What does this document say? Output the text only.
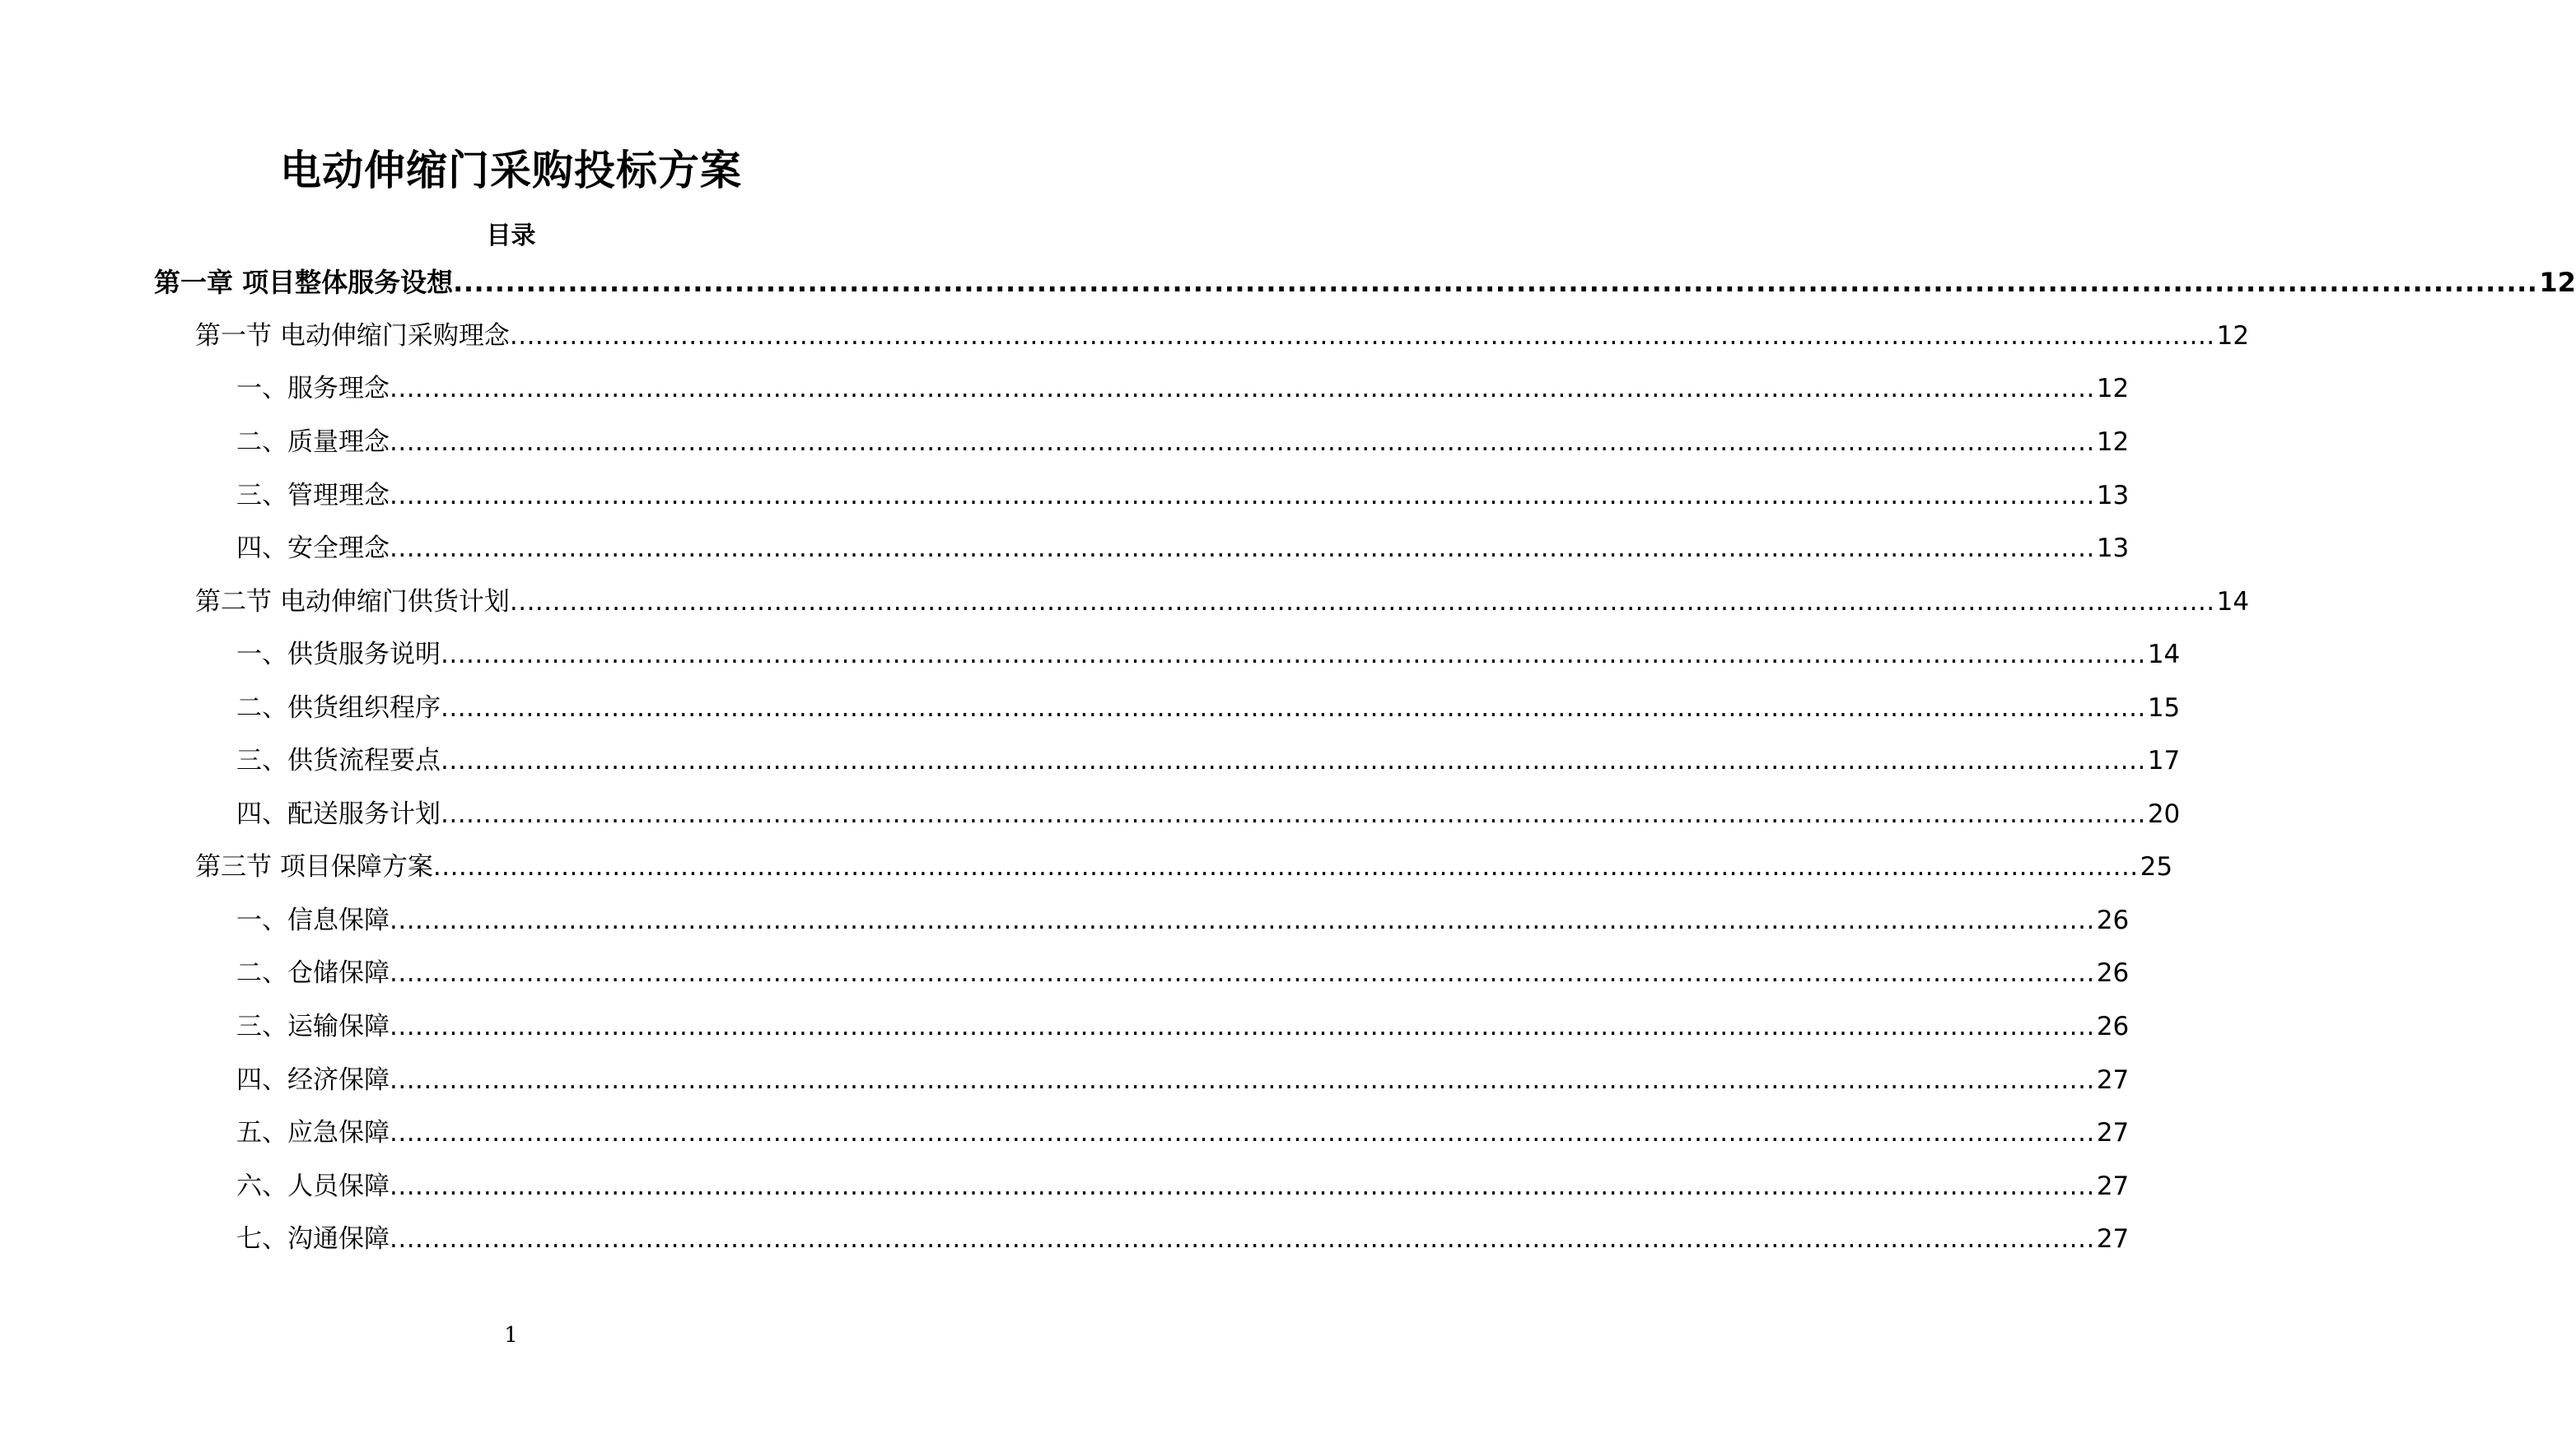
电动伸缩门采购投标方案
目录
第一章 项目整体服务设想 ........................................................................................................................................................................................................ 12
第一节 电动伸缩门采购理念 ........................................................................................................................................................................................................ 12
一、服务理念 ........................................................................................................................................................................................................ 12
二、质量理念 ........................................................................................................................................................................................................ 12
三、管理理念 ........................................................................................................................................................................................................ 13
四、安全理念 ........................................................................................................................................................................................................ 13
第二节 电动伸缩门供货计划 ........................................................................................................................................................................................................ 14
一、供货服务说明 ........................................................................................................................................................................................................ 14
二、供货组织程序 ........................................................................................................................................................................................................ 15
三、供货流程要点 ........................................................................................................................................................................................................ 17
四、配送服务计划 ........................................................................................................................................................................................................ 20
第三节 项目保障方案 ........................................................................................................................................................................................................ 25
一、信息保障 ........................................................................................................................................................................................................ 26
二、仓储保障 ........................................................................................................................................................................................................ 26
三、运输保障 ........................................................................................................................................................................................................ 26
四、经济保障 ........................................................................................................................................................................................................ 27
五、应急保障 ........................................................................................................................................................................................................ 27
六、人员保障 ........................................................................................................................................................................................................ 27
七、沟通保障 ........................................................................................................................................................................................................ 27
1
